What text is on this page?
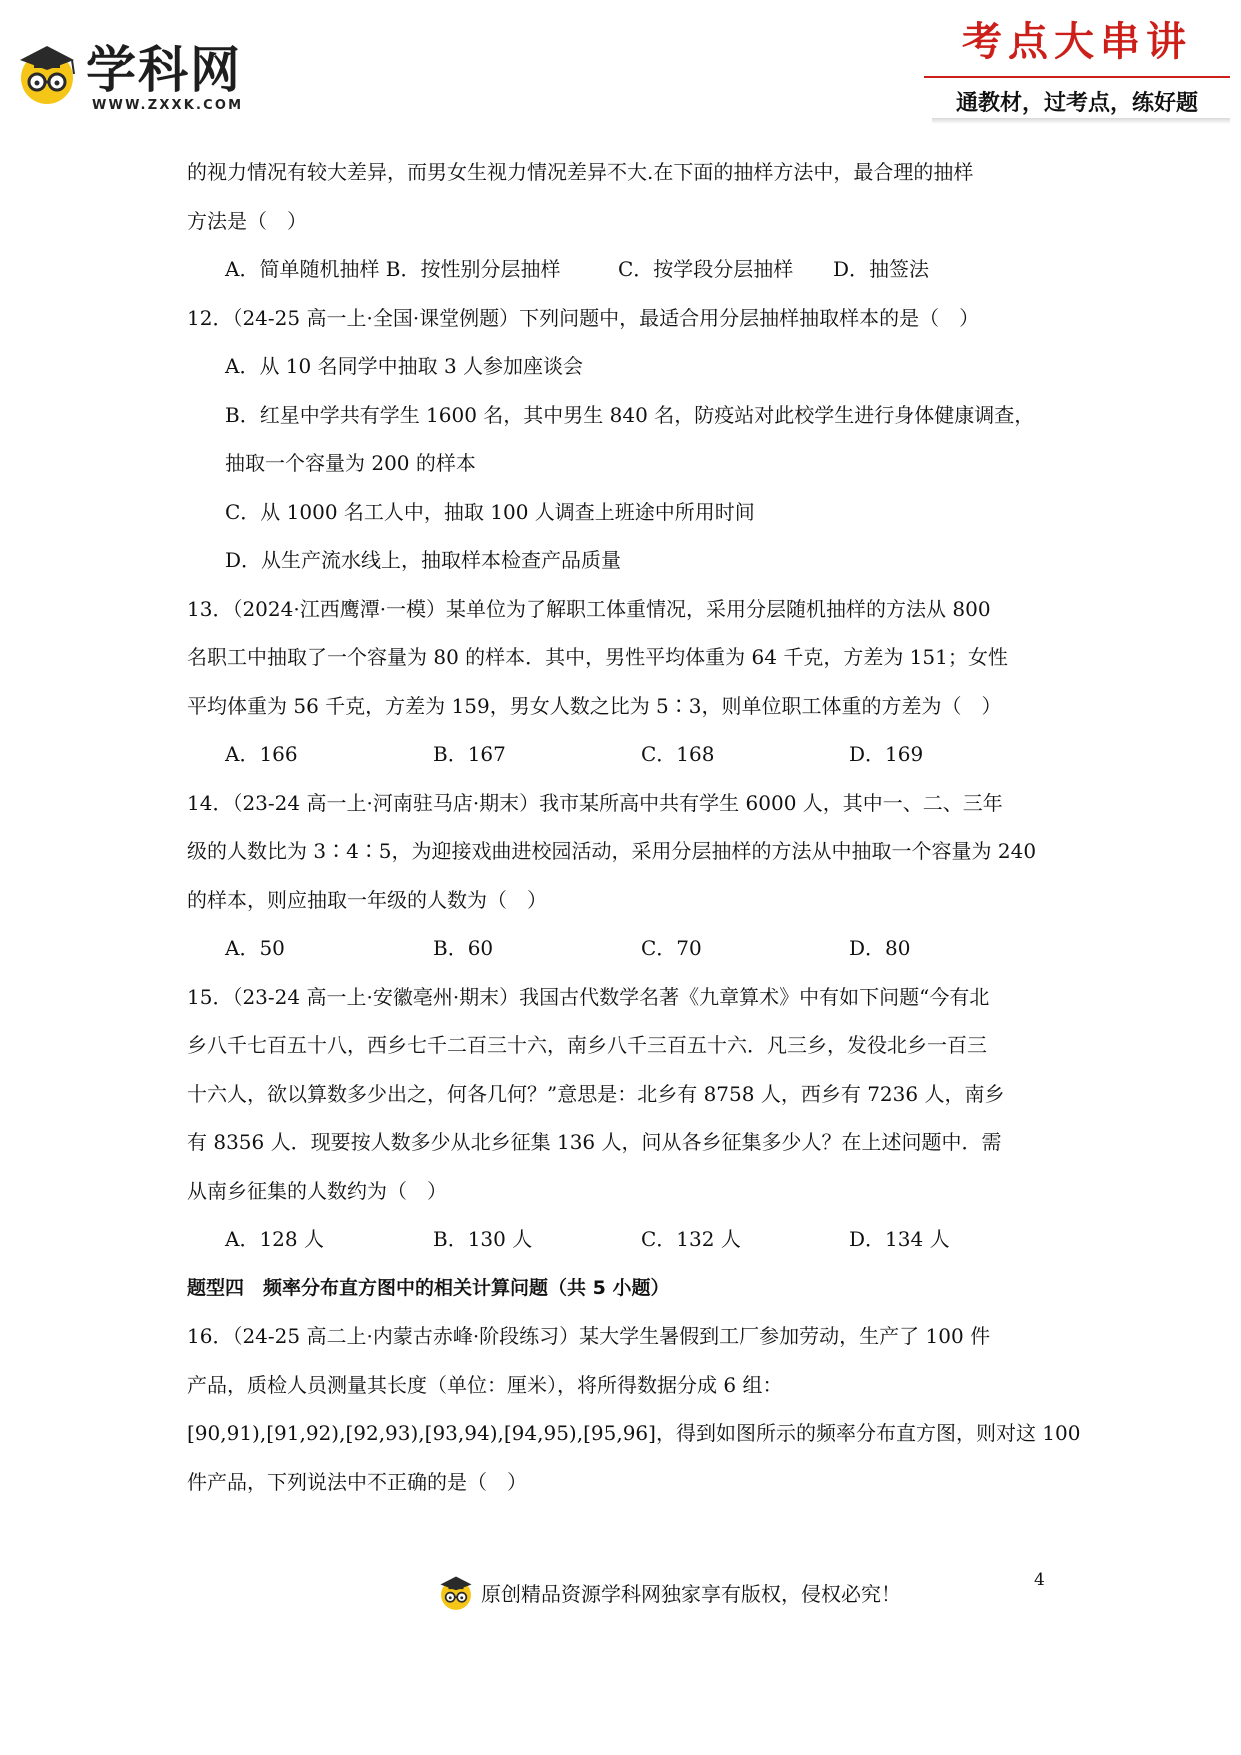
学科网
WWW.ZXXK.COM
考点大串讲
通教材，过考点，练好题
的视力情况有较大差异，而男女生视力情况差异不大.在下面的抽样方法中，最合理的抽样
方法是（　）
A．简单随机抽样 B．按性别分层抽样	C．按学段分层抽样	D．抽签法
12．（24-25 高一上·全国·课堂例题）下列问题中，最适合用分层抽样抽取样本的是（　）
A．从 10 名同学中抽取 3 人参加座谈会
B．红星中学共有学生 1600 名，其中男生 840 名，防疫站对此校学生进行身体健康调查，
抽取一个容量为 200 的样本
C．从 1000 名工人中，抽取 100 人调查上班途中所用时间
D．从生产流水线上，抽取样本检查产品质量
13．（2024·江西鹰潭·一模）某单位为了解职工体重情况，采用分层随机抽样的方法从 800
名职工中抽取了一个容量为 80 的样本．其中，男性平均体重为 64 千克，方差为 151；女性
平均体重为 56 千克，方差为 159，男女人数之比为 5∶3，则单位职工体重的方差为（　）
A．166	B．167	C．168	D．169
14．（23-24 高一上·河南驻马店·期末）我市某所高中共有学生 6000 人，其中一、二、三年
级的人数比为 3∶4∶5，为迎接戏曲进校园活动，采用分层抽样的方法从中抽取一个容量为 240
的样本，则应抽取一年级的人数为（　）
A．50	B．60	C．70	D．80
15．（23-24 高一上·安徽亳州·期末）我国古代数学名著《九章算术》中有如下问题“今有北
乡八千七百五十八，西乡七千二百三十六，南乡八千三百五十六．凡三乡，发役北乡一百三
十六人，欲以算数多少出之，何各几何？”意思是：北乡有 8758 人，西乡有 7236 人，南乡
有 8356 人．现要按人数多少从北乡征集 136 人，问从各乡征集多少人？在上述问题中．需
从南乡征集的人数约为（　）
A．128 人	B．130 人	C．132 人	D．134 人
题型四　频率分布直方图中的相关计算问题（共 5 小题）
16．（24-25 高二上·内蒙古赤峰·阶段练习）某大学生暑假到工厂参加劳动，生产了 100 件
产品，质检人员测量其长度（单位：厘米），将所得数据分成 6 组：
[90,91),[91,92),[92,93),[93,94),[94,95),[95,96]，得到如图所示的频率分布直方图，则对这 100
件产品，下列说法中不正确的是（　）
原创精品资源学科网独家享有版权，侵权必究！
4
